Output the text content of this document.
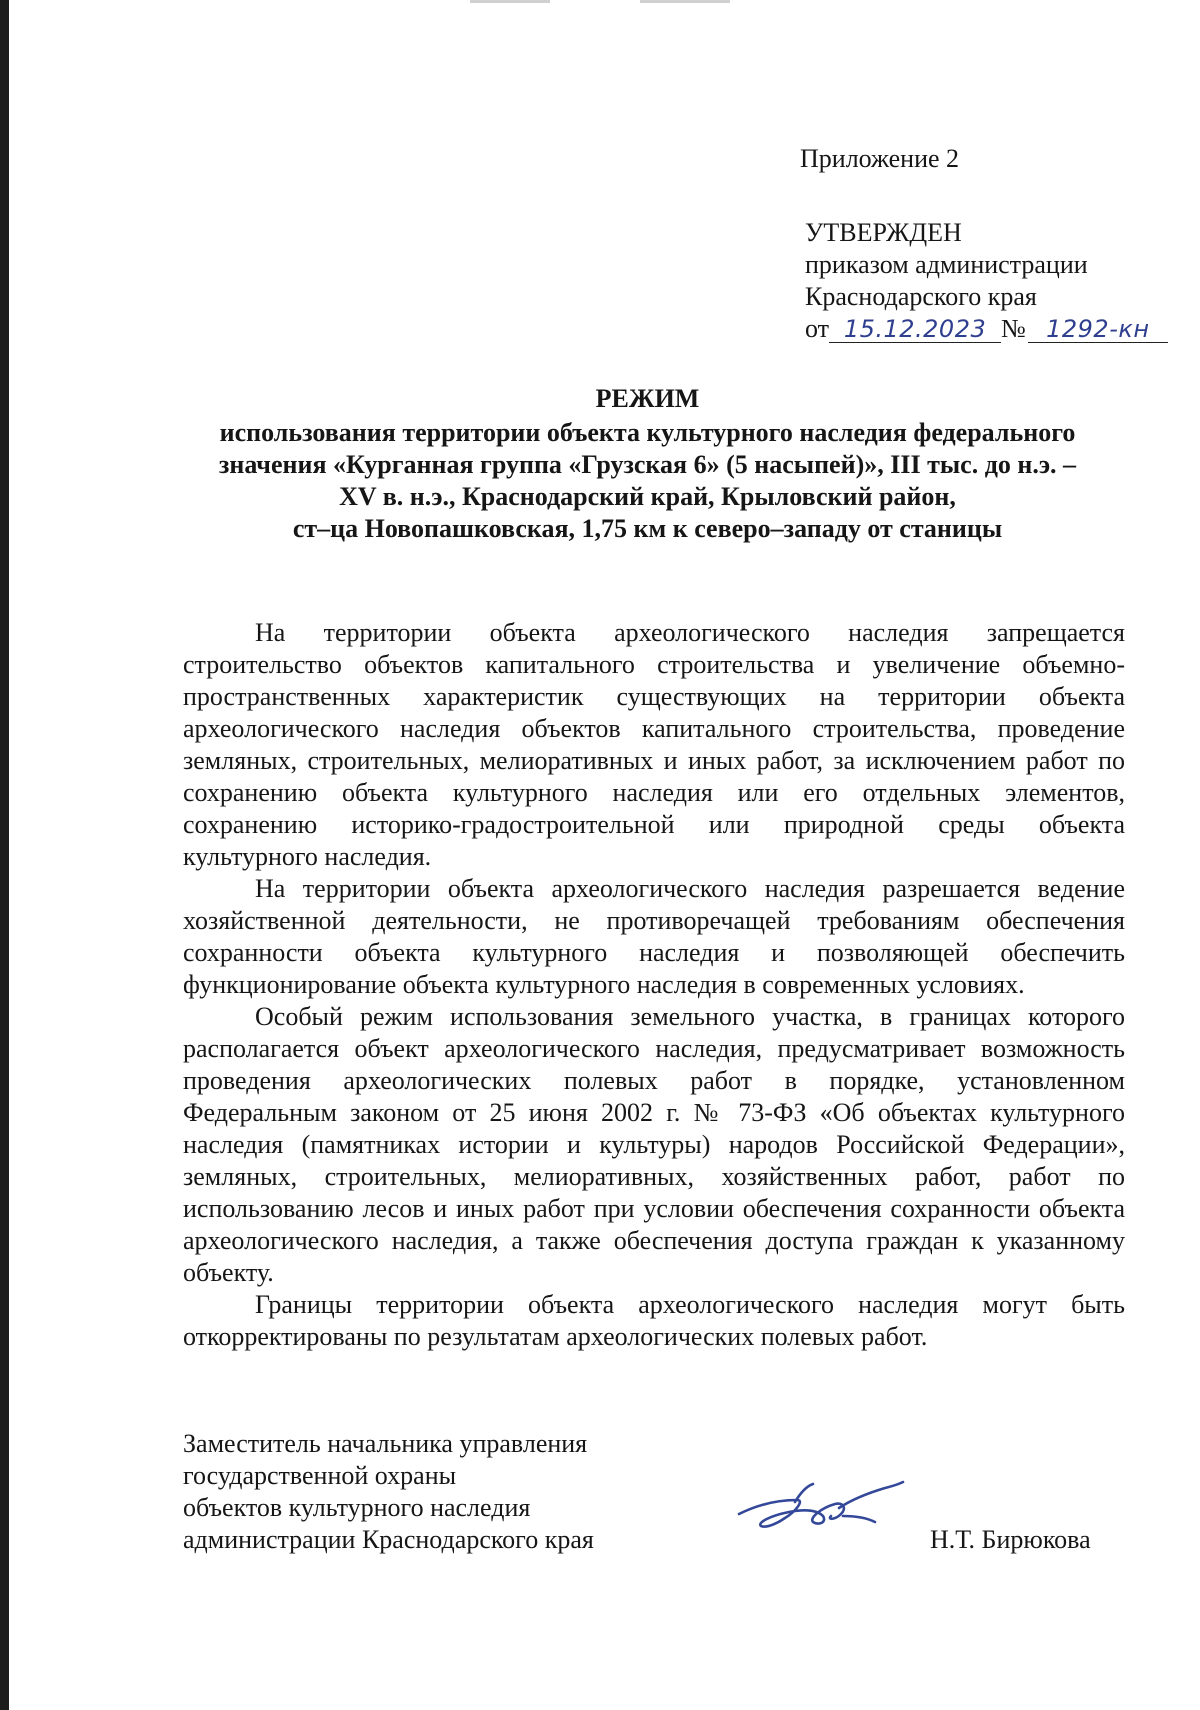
Приложение 2
УТВЕРЖДЕН
приказом администрации
Краснодарского края
от 15.12.2023 № 1292-кн
РЕЖИМ
использования территории объекта культурного наследия федерального
значения «Курганная группа «Грузская 6» (5 насыпей)», III тыс. до н.э. –
XV в. н.э., Краснодарский край, Крыловский район,
ст–ца Новопашковская, 1,75 км к северо–западу от станицы

На территории объекта археологического наследия запрещается строительство объектов капитального строительства и увеличение объемно-пространственных характеристик существующих на территории объекта археологического наследия объектов капитального строительства, проведение земляных, строительных, мелиоративных и иных работ, за исключением работ по сохранению объекта культурного наследия или его отдельных элементов, сохранению историко-градостроительной или природной среды объекта культурного наследия.

На территории объекта археологического наследия разрешается ведение хозяйственной деятельности, не противоречащей требованиям обеспечения сохранности объекта культурного наследия и позволяющей обеспечить функционирование объекта культурного наследия в современных условиях.

Особый режим использования земельного участка, в границах которого располагается объект археологического наследия, предусматривает возможность проведения археологических полевых работ в порядке, установленном Федеральным законом от 25 июня 2002 г. № 73-ФЗ «Об объектах культурного наследия (памятниках истории и культуры) народов Российской Федерации», земляных, строительных, мелиоративных, хозяйственных работ, работ по использованию лесов и иных работ при условии обеспечения сохранности объекта археологического наследия, а также обеспечения доступа граждан к указанному объекту.

Границы территории объекта археологического наследия могут быть откорректированы по результатам археологических полевых работ.

Заместитель начальника управления
государственной охраны
объектов культурного наследия
администрации Краснодарского края	Н.Т. Бирюкова
